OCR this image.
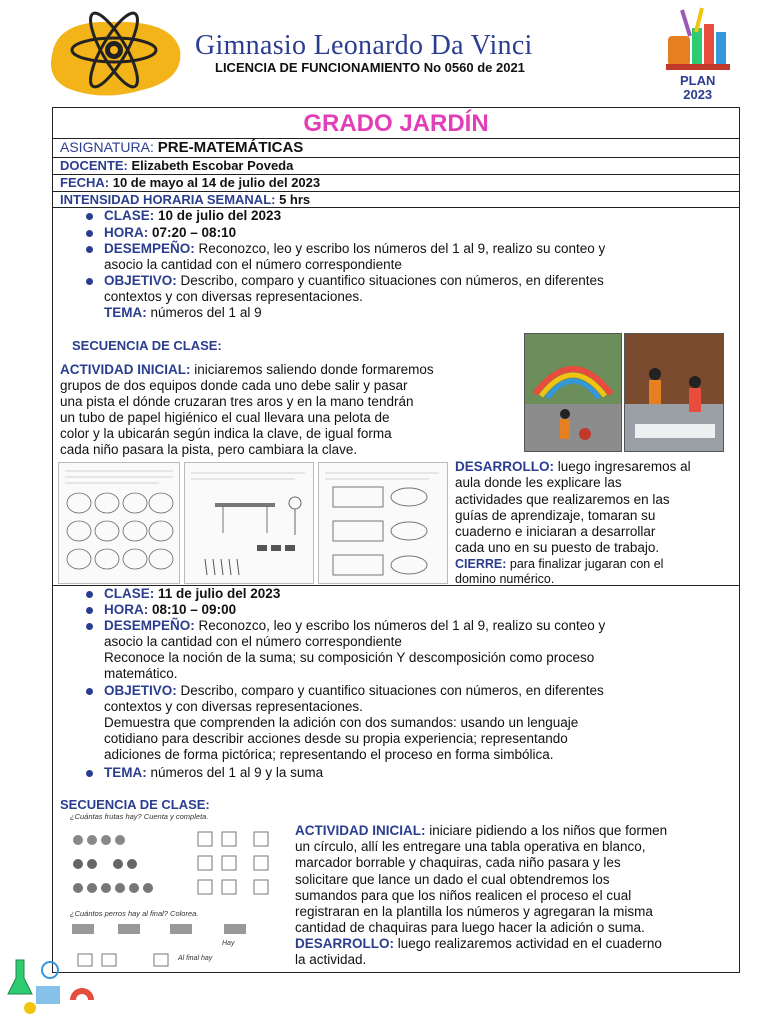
Gimnasio Leonardo Da Vinci
LICENCIA DE FUNCIONAMIENTO No 0560 de 2021
PLAN
2023
GRADO JARDÍN
ASIGNATURA: PRE-MATEMÁTICAS
DOCENTE: Elizabeth Escobar Poveda
FECHA: 10 de mayo al 14 de julio del 2023
INTENSIDAD HORARIA SEMANAL: 5 hrs
CLASE: 10 de julio del 2023
HORA: 07:20 – 08:10
DESEMPEÑO: Reconozco, leo y escribo los números del 1 al 9, realizo su conteo y
asocio la cantidad con el número correspondiente
OBJETIVO: Describo, comparo y cuantifico situaciones con números, en diferentes
contextos y con diversas representaciones.
TEMA: números del 1 al 9
SECUENCIA DE CLASE:
ACTIVIDAD INICIAL: iniciaremos saliendo donde formaremos
grupos de dos equipos donde cada uno debe salir y pasar
una pista el dónde cruzaran tres aros y en la mano tendrán
un tubo de papel higiénico el cual llevara una pelota de
color y la ubicarán según indica la clave, de igual forma
cada niño pasara la pista, pero cambiara la clave.
DESARROLLO: luego ingresaremos al
aula donde les explicare las
actividades que realizaremos en las
guías de aprendizaje, tomaran su
cuaderno e iniciaran a desarrollar
cada uno en su puesto de trabajo.
CIERRE: para finalizar jugaran con el
domino numérico.
CLASE: 11 de julio del 2023
HORA: 08:10 – 09:00
DESEMPEÑO: Reconozco, leo y escribo los números del 1 al 9, realizo su conteo y
asocio la cantidad con el número correspondiente
Reconoce la noción de la suma; su composición Y descomposición como proceso
matemático.
OBJETIVO: Describo, comparo y cuantifico situaciones con números, en diferentes
contextos y con diversas representaciones.
Demuestra que comprenden la adición con dos sumandos: usando un lenguaje
cotidiano para describir acciones desde su propia experiencia; representando
adiciones de forma pictórica; representando el proceso en forma simbólica.
TEMA: números del 1 al 9 y la suma
SECUENCIA DE CLASE:
¿Cuántas frutas hay? Cuenta y completa.
¿Cuántos perros hay al final? Colorea.
Hay
Al final hay
ACTIVIDAD INICIAL: iniciare pidiendo a los niños que formen
un círculo, allí les entregare una tabla operativa en blanco,
marcador borrable y chaquiras, cada niño pasara y les
solicitare que lance un dado el cual obtendremos los
sumandos para que los niños realicen el proceso el cual
registraran en la plantilla los números y agregaran la misma
cantidad de chaquiras para luego hacer la adición o suma.
DESARROLLO: luego realizaremos actividad en el cuaderno
la actividad.
